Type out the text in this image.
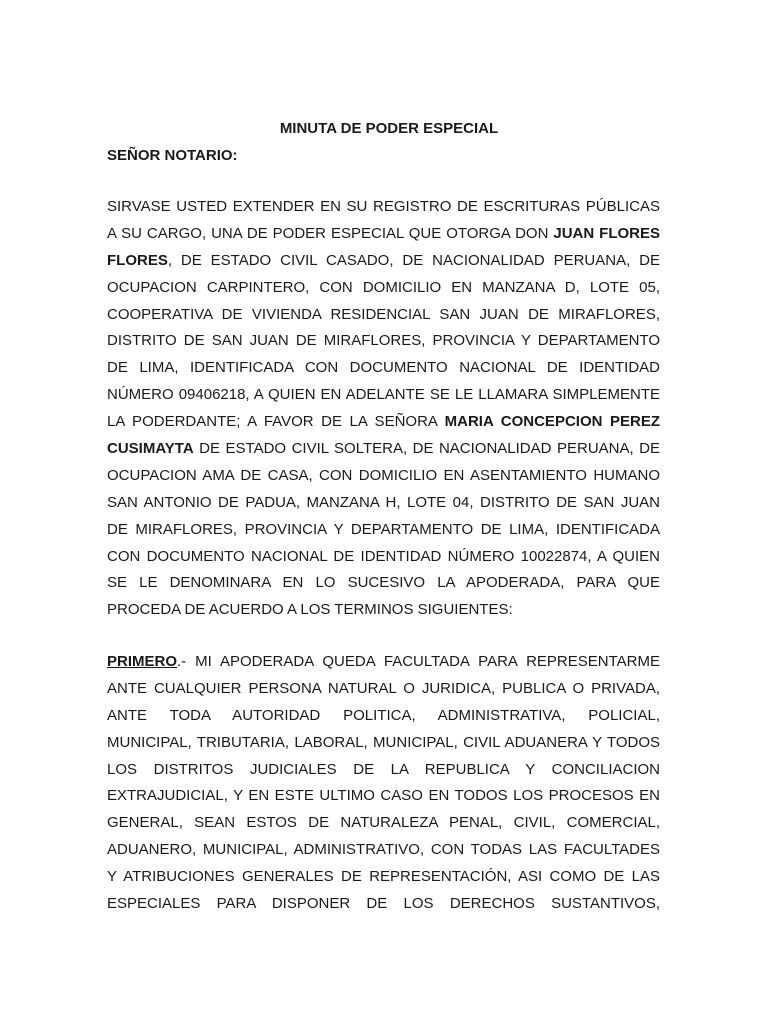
MINUTA DE PODER ESPECIAL

SEÑOR NOTARIO:

SIRVASE USTED EXTENDER EN SU REGISTRO DE ESCRITURAS PÚBLICAS
A SU CARGO, UNA DE PODER ESPECIAL QUE OTORGA DON JUAN FLORES
FLORES, DE ESTADO CIVIL CASADO, DE NACIONALIDAD PERUANA, DE
OCUPACION CARPINTERO, CON DOMICILIO EN MANZANA D, LOTE 05,
COOPERATIVA DE VIVIENDA RESIDENCIAL SAN JUAN DE MIRAFLORES,
DISTRITO DE SAN JUAN DE MIRAFLORES, PROVINCIA Y DEPARTAMENTO
DE LIMA, IDENTIFICADA CON DOCUMENTO NACIONAL DE IDENTIDAD
NÚMERO 09406218, A QUIEN EN ADELANTE SE LE LLAMARA SIMPLEMENTE
LA PODERDANTE; A FAVOR DE LA SEÑORA MARIA CONCEPCION PEREZ
CUSIMAYTA DE ESTADO CIVIL SOLTERA, DE NACIONALIDAD PERUANA, DE
OCUPACION AMA DE CASA, CON DOMICILIO EN ASENTAMIENTO HUMANO
SAN ANTONIO DE PADUA, MANZANA H, LOTE 04, DISTRITO DE SAN JUAN
DE MIRAFLORES, PROVINCIA Y DEPARTAMENTO DE LIMA, IDENTIFICADA
CON DOCUMENTO NACIONAL DE IDENTIDAD NÚMERO 10022874, A QUIEN
SE LE DENOMINARA EN LO SUCESIVO LA APODERADA, PARA QUE
PROCEDA DE ACUERDO A LOS TERMINOS SIGUIENTES:
PRIMERO.- MI APODERADA QUEDA FACULTADA PARA REPRESENTARME
ANTE CUALQUIER PERSONA NATURAL O JURIDICA, PUBLICA O PRIVADA,
ANTE TODA AUTORIDAD POLITICA, ADMINISTRATIVA, POLICIAL,
MUNICIPAL, TRIBUTARIA, LABORAL, MUNICIPAL, CIVIL ADUANERA Y TODOS
LOS DISTRITOS JUDICIALES DE LA REPUBLICA Y CONCILIACION
EXTRAJUDICIAL, Y EN ESTE ULTIMO CASO EN TODOS LOS PROCESOS EN
GENERAL, SEAN ESTOS DE NATURALEZA PENAL, CIVIL, COMERCIAL,
ADUANERO, MUNICIPAL, ADMINISTRATIVO, CON TODAS LAS FACULTADES
Y ATRIBUCIONES GENERALES DE REPRESENTACIÓN, ASI COMO DE LAS
ESPECIALES PARA DISPONER DE LOS DERECHOS SUSTANTIVOS,
